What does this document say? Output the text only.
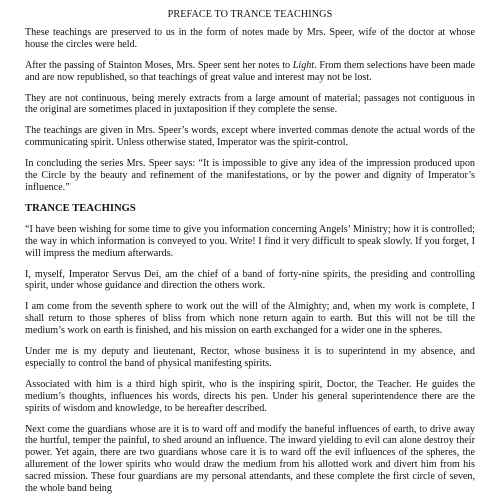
PREFACE TO TRANCE TEACHINGS

These teachings are preserved to us in the form of notes made by Mrs. Speer, wife of the doctor at whose house the circles were held.

After the passing of Stainton Moses, Mrs. Speer sent her notes to Light. From them selections have been made and are now republished, so that teachings of great value and interest may not be lost.

They are not continuous, being merely extracts from a large amount of material; passages not contiguous in the original are sometimes placed in juxtaposition if they complete the sense.

The teachings are given in Mrs. Speer’s words, except where inverted commas denote the actual words of the communicating spirit. Unless otherwise stated, Imperator was the spirit-control.

In concluding the series Mrs. Speer says: “It is impossible to give any idea of the impression produced upon the Circle by the beauty and refinement of the manifestations, or by the power and dignity of Imperator’s influence.”

TRANCE TEACHINGS

“I have been wishing for some time to give you information concerning Angels’ Ministry; how it is controlled; the way in which information is conveyed to you. Write! I find it very difficult to speak slowly. If you forget, I will impress the medium afterwards.

I, myself, Imperator Servus Dei, am the chief of a band of forty-nine spirits, the presiding and controlling spirit, under whose guidance and direction the others work.

I am come from the seventh sphere to work out the will of the Almighty; and, when my work is complete, I shall return to those spheres of bliss from which none return again to earth. But this will not be till the medium’s work on earth is finished, and his mission on earth exchanged for a wider one in the spheres.

Under me is my deputy and lieutenant, Rector, whose business it is to superintend in my absence, and especially to control the band of physical manifesting spirits.

Associated with him is a third high spirit, who is the inspiring spirit, Doctor, the Teacher. He guides the medium’s thoughts, influences his words, directs his pen. Under his general superintendence there are the spirits of wisdom and knowledge, to be hereafter described.

Next come the guardians whose are it is to ward off and modify the baneful influences of earth, to drive away the hurtful, temper the painful, to shed around an influence. The inward yielding to evil can alone destroy their power. Yet again, there are two guardians whose care it is to ward off the evil influences of the spheres, the allurement of the lower spirits who would draw the medium from his allotted work and divert him from his sacred mission. These four guardians are my personal attendants, and these complete the first circle of seven, the whole band being
